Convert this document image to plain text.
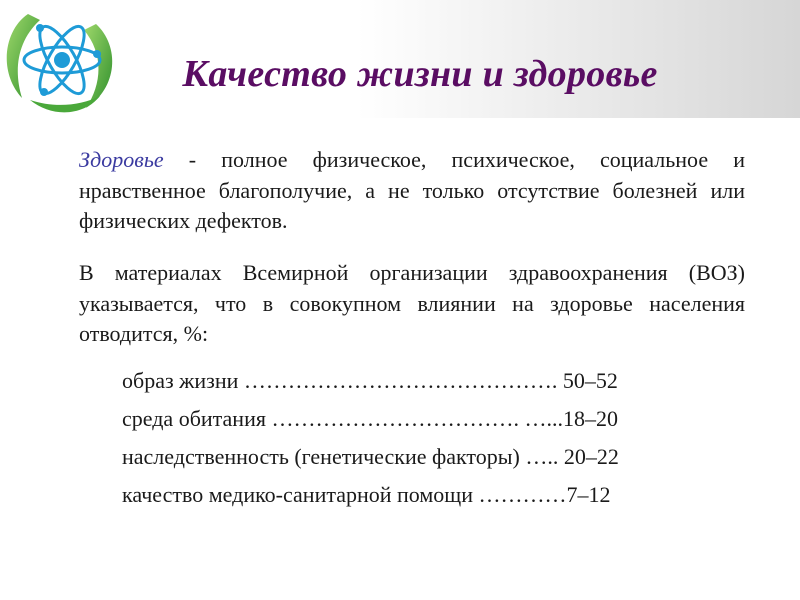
Качество жизни и здоровье

Здоровье - полное физическое, психическое, социальное и нравственное благополучие, а не только отсутствие болезней или физических дефектов.

В материалах Всемирной организации здравоохранения (ВОЗ) указывается, что в совокупном влиянии на здоровье населения отводится, %:

образ жизни ……………………………………. 50–52
среда обитания ……………………………. …...18–20
наследственность (генетические факторы) ….. 20–22
качество медико-санитарной помощи …………7–12
